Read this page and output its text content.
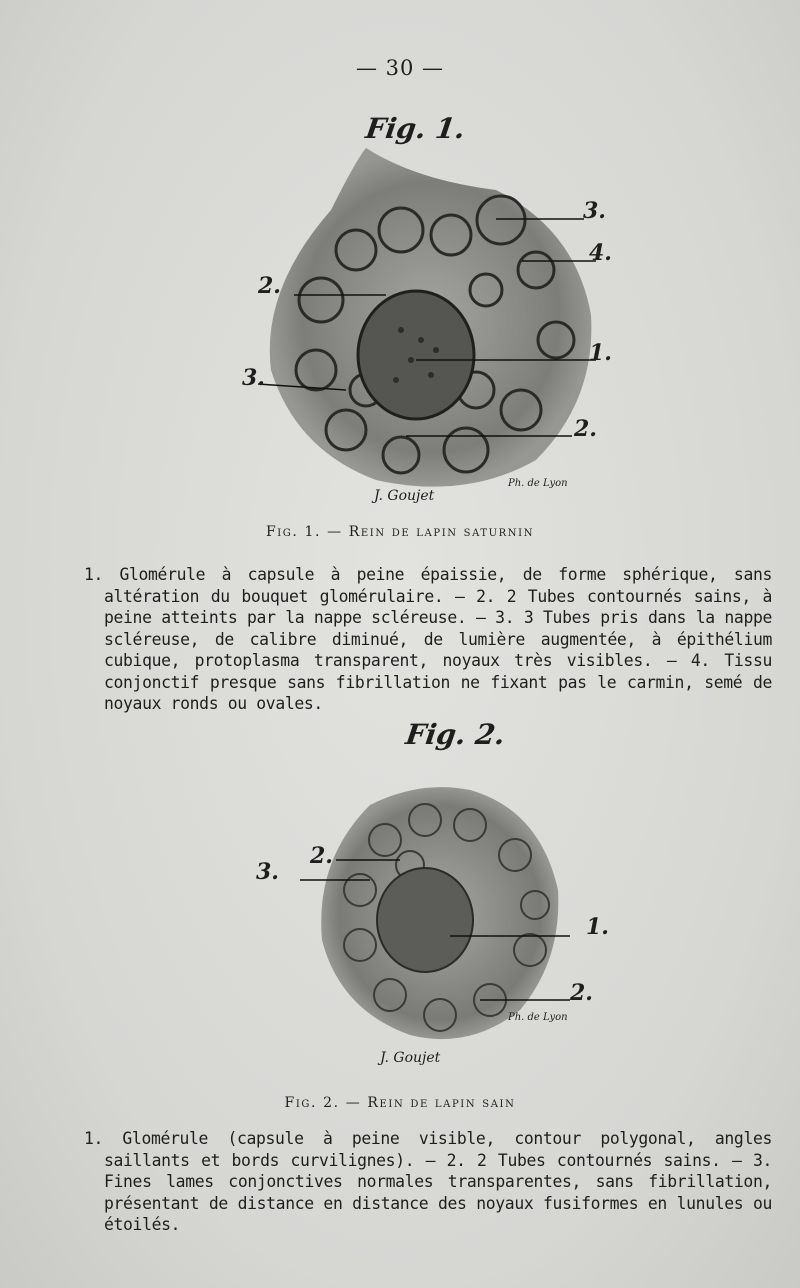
— 30 —
Fig. 1.
3.
4.
2.
1.
3.
2.
J. Goujet
Ph. de Lyon
Fig. 1. — Rein de lapin saturnin

1. Glomérule à capsule à peine épaissie, de forme sphérique, sans altération du bouquet glomérulaire. — 2. 2 Tubes contournés sains, à peine atteints par la nappe scléreuse. — 3. 3 Tubes pris dans la nappe scléreuse, de calibre diminué, de lumière augmentée, à épithélium cubique, protoplasma transparent, noyaux très visibles. — 4. Tissu conjonctif presque sans fibrillation ne fixant pas le carmin, semé de noyaux ronds ou ovales.

Fig. 2.
2.
3.
1.
2.
J. Goujet
Ph. de Lyon
Fig. 2. — Rein de lapin sain

1. Glomérule (capsule à peine visible, contour polygonal, angles saillants et bords curvilignes). — 2. 2 Tubes contournés sains. — 3. Fines lames conjonctives normales transparentes, sans fibrillation, présentant de distance en distance des noyaux fusiformes en lunules ou étoilés.
